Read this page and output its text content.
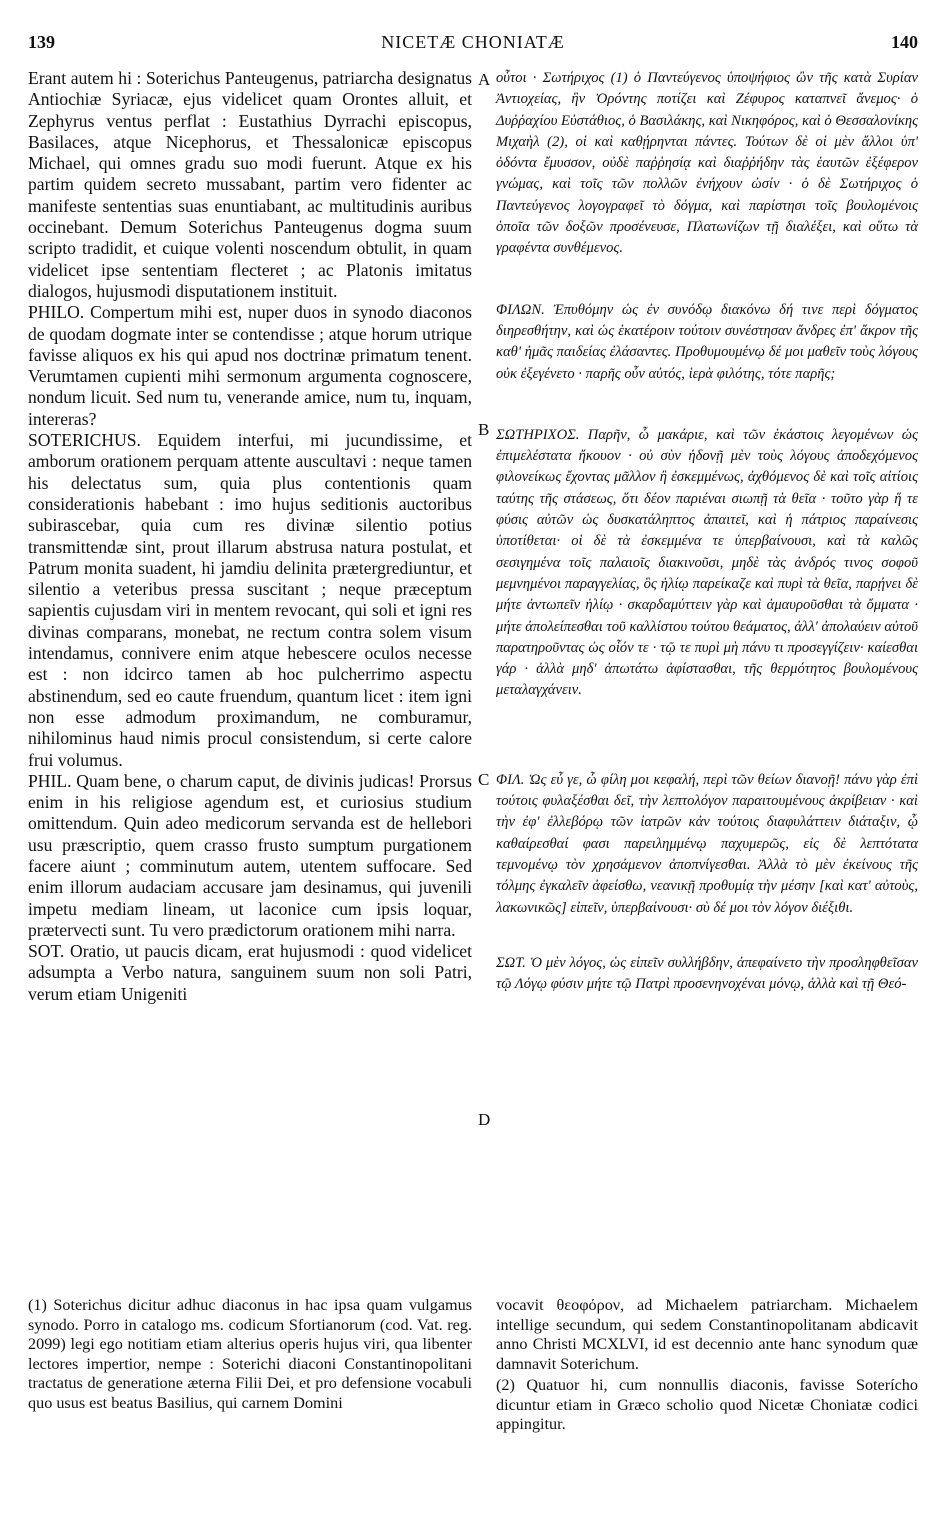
139	NICETÆ CHONIATÆ	140
A
B
C
D

Erant autem hi : Soterichus Panteugenus, patriarcha designatus Antiochiæ Syriacæ, ejus videlicet quam Orontes alluit, et Zephyrus ventus perflat : Eustathius Dyrrachi episcopus, Basilaces, atque Nicephorus, et Thessalonicæ episcopus Michael, qui omnes gradu suo modi fuerunt. Atque ex his partim quidem secreto mussabant, partim vero fidenter ac manifeste sententias suas enuntiabant, ac multitudinis auribus occinebant. Demum Soterichus Panteugenus dogma suum scripto tradidit, et cuique volenti noscendum obtulit, in quam videlicet ipse sententiam flecteret ; ac Platonis imitatus dialogos, hujusmodi disputationem instituit.

PHILO. Compertum mihi est, nuper duos in synodo diaconos de quodam dogmate inter se contendisse ; atque horum utrique favisse aliquos ex his qui apud nos doctrinæ primatum tenent. Verumtamen cupienti mihi sermonum argumenta cognoscere, nondum licuit. Sed num tu, venerande amice, num tu, inquam, intereras?

SOTERICHUS. Equidem interfui, mi jucundissime, et amborum orationem perquam attente auscultavi : neque tamen his delectatus sum, quia plus contentionis quam considerationis habebant : imo hujus seditionis auctoribus subirascebar, quia cum res divinæ silentio potius transmittendæ sint, prout illarum abstrusa natura postulat, et Patrum monita suadent, hi jamdiu delinita prætergrediuntur, et silentio a veteribus pressa suscitant ; neque præceptum sapientis cujusdam viri in mentem revocant, qui soli et igni res divinas comparans, monebat, ne rectum contra solem visum intendamus, connivere enim atque hebescere oculos necesse est : non idcirco tamen ab hoc pulcherrimo aspectu abstinendum, sed eo caute fruendum, quantum licet : item igni non esse admodum proximandum, ne comburamur, nihilominus haud nimis procul consistendum, si certe calore frui volumus.

PHIL. Quam bene, o charum caput, de divinis judicas! Prorsus enim in his religiose agendum est, et curiosius studium omittendum. Quin adeo medicorum servanda est de hellebori usu præscriptio, quem crasso frusto sumptum purgationem facere aiunt ; comminutum autem, utentem suffocare. Sed enim illorum audaciam accusare jam desinamus, qui juvenili impetu mediam lineam, ut laconice cum ipsis loquar, prætervecti sunt. Tu vero prædictorum orationem mihi narra.

SOT. Oratio, ut paucis dicam, erat hujusmodi : quod videlicet adsumpta a Verbo natura, sanguinem suum non soli Patri, verum etiam Unigeniti

οὗτοι · Σωτήριχος (1) ὁ Παντεύγενος ὑποψήφιος ὢν τῆς κατὰ Συρίαν Ἀντιοχείας, ἣν Ὀρόντης ποτίζει καὶ Ζέφυρος καταπνεῖ ἄνεμος· ὁ Δυῤῥαχίου Εὐστάθιος, ὁ Βασιλάκης, καὶ Νικηφόρος, καὶ ὁ Θεσσαλονίκης Μιχαὴλ (2), οἱ καὶ καθῄρηνται πάντες. Τούτων δὲ οἱ μὲν ἄλλοι ὑπ' ὀδόντα ἔμυσσον, οὐδὲ παῤῥησίᾳ καὶ διαῤῥήδην τὰς ἑαυτῶν ἐξέφερον γνώμας, καὶ τοῖς τῶν πολλῶν ἐνήχουν ὠσίν · ὁ δὲ Σωτήριχος ὁ Παντεύγενος λογογραφεῖ τὸ δόγμα, καὶ παρίστησι τοῖς βουλομένοις ὁποῖα τῶν δοξῶν προσένευσε, Πλατωνίζων τῇ διαλέξει, καὶ οὕτω τὰ γραφέντα συνθέμενος.

ΦΙΛΩΝ. Ἐπυθόμην ὡς ἐν συνόδῳ διακόνω δή τινε περὶ δόγματος διηρεσθήτην, καὶ ὡς ἑκατέροιν τούτοιν συνέστησαν ἄνδρες ἐπ' ἄκρον τῆς καθ' ἡμᾶς παιδείας ἐλάσαντες. Προθυμουμένῳ δέ μοι μαθεῖν τοὺς λόγους οὐκ ἐξεγένετο · παρῆς οὖν αὐτός, ἱερὰ φιλότης, τότε παρῆς;

ΣΩΤΗΡΙΧΟΣ. Παρῆν, ὦ μακάριε, καὶ τῶν ἑκάστοις λεγομένων ὡς ἐπιμελέστατα ἤκουον · οὐ σὺν ἡδονῇ μὲν τοὺς λόγους ἀποδεχόμενος φιλονείκως ἔχοντας μᾶλλον ἢ ἐσκεμμένως, ἀχθόμενος δὲ καὶ τοῖς αἰτίοις ταύτης τῆς στάσεως, ὅτι δέον παριέναι σιωπῇ τὰ θεῖα · τοῦτο γὰρ ἥ τε φύσις αὐτῶν ὡς δυσκατάληπτος ἀπαιτεῖ, καὶ ἡ πάτριος παραίνεσις ὑποτίθεται· οἱ δὲ τὰ ἐσκεμμένα τε ὑπερβαίνουσι, καὶ τὰ καλῶς σεσιγημένα τοῖς παλαιοῖς διακινοῦσι, μηδὲ τὰς ἀνδρός τινος σοφοῦ μεμνημένοι παραγγελίας, ὃς ἡλίῳ παρείκαζε καὶ πυρὶ τὰ θεῖα, παρῄνει δὲ μήτε ἀντωπεῖν ἡλίῳ · σκαρδαμύττειν γὰρ καὶ ἀμαυροῦσθαι τὰ ὄμματα · μήτε ἀπολείπεσθαι τοῦ καλλίστου τούτου θεάματος, ἀλλ' ἀπολαύειν αὐτοῦ παρατηροῦντας ὡς οἷόν τε · τῷ τε πυρὶ μὴ πάνυ τι προσεγγίζειν· καίεσθαι γάρ · ἀλλὰ μηδ' ἀπωτάτω ἀφίστασθαι, τῆς θερμότητος βουλομένους μεταλαγχάνειν.

ΦΙΛ. Ὡς εὖ γε, ὦ φίλη μοι κεφαλή, περὶ τῶν θείων διανοῇ! πάνυ γὰρ ἐπὶ τούτοις φυλαξέσθαι δεῖ, τὴν λεπτολόγον παραιτουμένους ἀκρίβειαν · καὶ τὴν ἐφ' ἐλλεβόρῳ τῶν ἰατρῶν κἀν τούτοις διαφυλάττειν διάταξιν, ᾧ καθαίρεσθαί φασι παρειλημμένῳ παχυμερῶς, εἰς δὲ λεπτότατα τεμνομένῳ τὸν χρησάμενον ἀποπνίγεσθαι. Ἀλλὰ τὸ μὲν ἐκείνους τῆς τόλμης ἐγκαλεῖν ἀφείσθω, νεανικῇ προθυμίᾳ τὴν μέσην [καὶ κατ' αὐτοὺς, λακωνικῶς] εἰπεῖν, ὑπερβαίνουσι· σὺ δέ μοι τὸν λόγον διέξιθι.

ΣΩΤ. Ὁ μὲν λόγος, ὡς εἰπεῖν συλλήβδην, ἀπεφαίνετο τὴν προσληφθεῖσαν τῷ Λόγῳ φύσιν μήτε τῷ Πατρὶ προσενηνοχέναι μόνῳ, ἀλλὰ καὶ τῇ Θεό-

(1) Soterichus dicitur adhuc diaconus in hac ipsa quam vulgamus synodo. Porro in catalogo ms. codicum Sfortianorum (cod. Vat. reg. 2099) legi ego notitiam etiam alterius operis hujus viri, qua libenter lectores impertior, nempe : Soterichi diaconi Constantinopolitani tractatus de generatione æterna Filii Dei, et pro defensione vocabuli quo usus est beatus Basilius, qui carnem Domini

vocavit θεοφόρον, ad Michaelem patriarcham. Michaelem intellige secundum, qui sedem Constantinopolitanam abdicavit anno Christi MCXLVI, id est decennio ante hanc synodum quæ damnavit Soterichum.

(2) Quatuor hi, cum nonnullis diaconis, favisse Soterícho dicuntur etiam in Græco scholio quod Nicetæ Choniatæ codici appingitur.
